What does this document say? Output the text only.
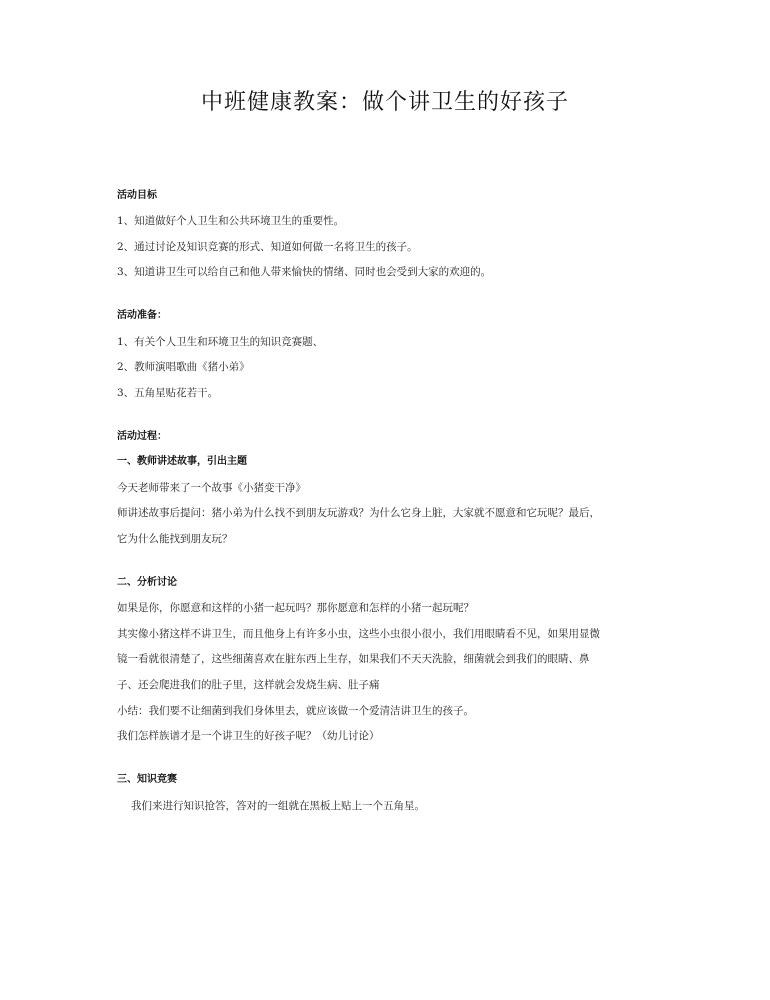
中班健康教案：做个讲卫生的好孩子
活动目标
1、知道做好个人卫生和公共环境卫生的重要性。
2、通过讨论及知识竞赛的形式、知道如何做一名将卫生的孩子。
3、知道讲卫生可以给自己和他人带来愉快的情绪、同时也会受到大家的欢迎的。
活动准备：
1、有关个人卫生和环境卫生的知识竞赛题、
2、教师演唱歌曲《猪小弟》
3、五角星贴花若干。
活动过程：
一、教师讲述故事，引出主题
今天老师带来了一个故事《小猪变干净》
师讲述故事后提问：猪小弟为什么找不到朋友玩游戏？为什么它身上脏，大家就不愿意和它玩呢？最后，
它为什么能找到朋友玩？
二、分析讨论
如果是你，你愿意和这样的小猪一起玩吗？那你愿意和怎样的小猪一起玩呢？
其实像小猪这样不讲卫生，而且他身上有许多小虫，这些小虫很小很小，我们用眼睛看不见，如果用显微
镜一看就很清楚了，这些细菌喜欢在脏东西上生存，如果我们不天天洗脸，细菌就会到我们的眼睛、鼻
子、还会爬进我们的肚子里，这样就会发烧生病、肚子痛
小结：我们要不让细菌到我们身体里去，就应该做一个爱清洁讲卫生的孩子。
我们怎样族谱才是一个讲卫生的好孩子呢？（幼儿讨论）
三、知识竞赛
我们来进行知识抢答，答对的一组就在黑板上贴上一个五角星。
